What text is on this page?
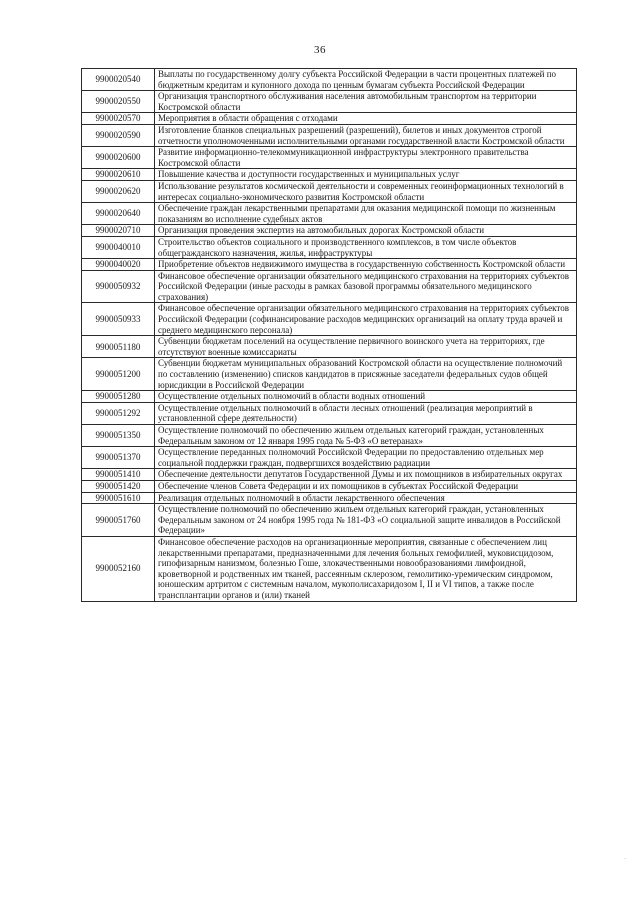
36
9900020540	Выплаты по государственному долгу субъекта Российской Федерации в части процентных платежей по бюджетным кредитам и купонного дохода по ценным бумагам субъекта Российской Федерации
9900020550	Организация транспортного обслуживания населения автомобильным транспортом на территории Костромской области
9900020570	Мероприятия в области обращения с отходами
9900020590	Изготовление бланков специальных разрешений (разрешений), билетов и иных документов строгой отчетности уполномоченными исполнительными органами государственной власти Костромской области
9900020600	Развитие информационно-телекоммуникационной инфраструктуры электронного правительства Костромской области
9900020610	Повышение качества и доступности государственных и муниципальных услуг
9900020620	Использование результатов космической деятельности и современных геоинформационных технологий в интересах социально-экономического развития Костромской области
9900020640	Обеспечение граждан лекарственными препаратами для оказания медицинской помощи по жизненным показаниям во исполнение судебных актов
9900020710	Организация проведения экспертиз на автомобильных дорогах Костромской области
9900040010	Строительство объектов социального и производственного комплексов, в том числе объектов общегражданского назначения, жилья, инфраструктуры
9900040020	Приобретение объектов недвижимого имущества в государственную собственность Костромской области
9900050932	Финансовое обеспечение организации обязательного медицинского страхования на территориях субъектов Российской Федерации (иные расходы в рамках базовой программы обязательного медицинского страхования)
9900050933	Финансовое обеспечение организации обязательного медицинского страхования на территориях субъектов Российской Федерации (софинансирование расходов медицинских организаций на оплату труда врачей и среднего медицинского персонала)
9900051180	Субвенции бюджетам поселений на осуществление первичного воинского учета на территориях, где отсутствуют военные комиссариаты
9900051200	Субвенции бюджетам муниципальных образований Костромской области на осуществление полномочий по составлению (изменению) списков кандидатов в присяжные заседатели федеральных судов общей юрисдикции в Российской Федерации
9900051280	Осуществление отдельных полномочий в области водных отношений
9900051292	Осуществление отдельных полномочий в области лесных отношений (реализация мероприятий в установленной сфере деятельности)
9900051350	Осуществление полномочий по обеспечению жильем отдельных категорий граждан, установленных Федеральным законом от 12 января 1995 года № 5-ФЗ «О ветеранах»
9900051370	Осуществление переданных полномочий Российской Федерации по предоставлению отдельных мер социальной поддержки граждан, подвергшихся воздействию радиации
9900051410	Обеспечение деятельности депутатов Государственной Думы и их помощников в избирательных округах
9900051420	Обеспечение членов Совета Федерации и их помощников в субъектах Российской Федерации
9900051610	Реализация отдельных полномочий в области лекарственного обеспечения
9900051760	Осуществление полномочий по обеспечению жильем отдельных категорий граждан, установленных Федеральным законом от 24 ноября 1995 года № 181-ФЗ «О социальной защите инвалидов в Российской Федерации»
9900052160	Финансовое обеспечение расходов на организационные мероприятия, связанные с обеспечением лиц лекарственными препаратами, предназначенными для лечения больных гемофилией, муковисцидозом, гипофизарным нанизмом, болезнью Гоше, злокачественными новообразованиями лимфоидной, кроветворной и родственных им тканей, рассеянным склерозом, гемолитико-уремическим синдромом, юношеским артритом с системным началом, мукополисахаридозом I, II и VI типов, а также после трансплантации органов и (или) тканей
·
